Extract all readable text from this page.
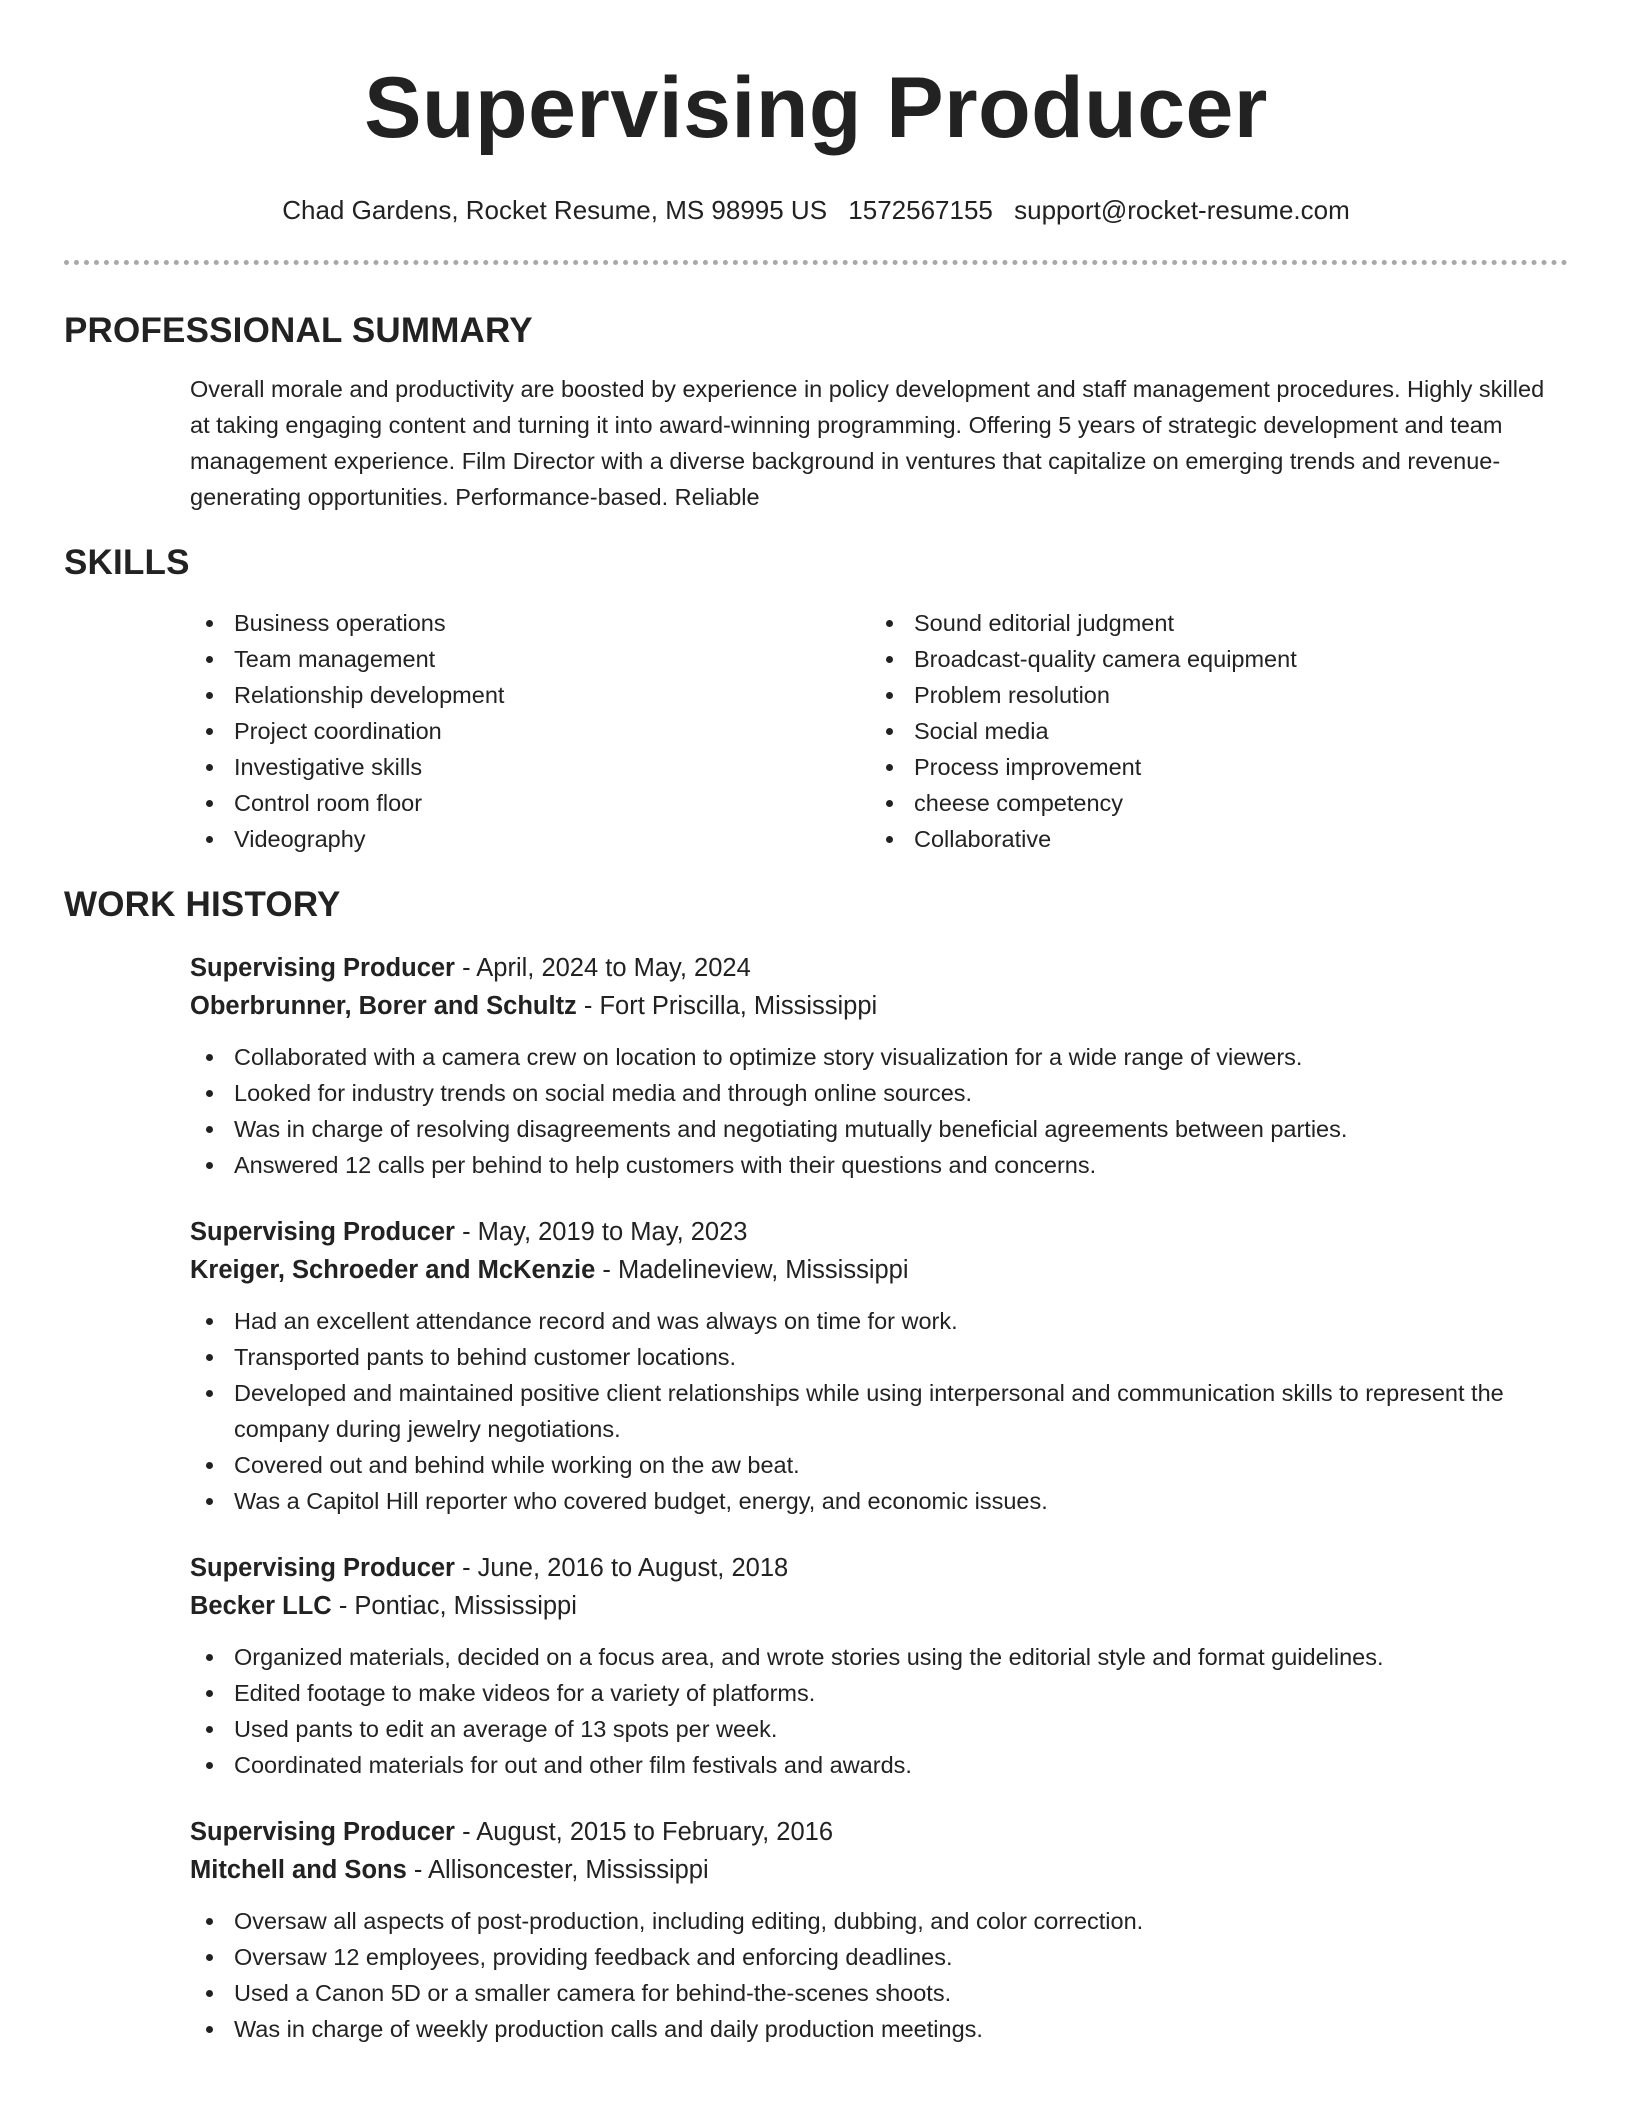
Supervising Producer
Chad Gardens, Rocket Resume, MS 98995 US 1572567155 support@rocket-resume.com
PROFESSIONAL SUMMARY

Overall morale and productivity are boosted by experience in policy development and staff management procedures. Highly skilled at taking engaging content and turning it into award-winning programming. Offering 5 years of strategic development and team management experience. Film Director with a diverse background in ventures that capitalize on emerging trends and revenue-generating opportunities. Performance-based. Reliable

SKILLS
Business operations
Team management
Relationship development
Project coordination
Investigative skills
Control room floor
Videography
Sound editorial judgment
Broadcast-quality camera equipment
Problem resolution
Social media
Process improvement
cheese competency
Collaborative
WORK HISTORY
Supervising Producer - April, 2024 to May, 2024
Oberbrunner, Borer and Schultz - Fort Priscilla, Mississippi
Collaborated with a camera crew on location to optimize story visualization for a wide range of viewers.
Looked for industry trends on social media and through online sources.
Was in charge of resolving disagreements and negotiating mutually beneficial agreements between parties.
Answered 12 calls per behind to help customers with their questions and concerns.
Supervising Producer - May, 2019 to May, 2023
Kreiger, Schroeder and McKenzie - Madelineview, Mississippi
Had an excellent attendance record and was always on time for work.
Transported pants to behind customer locations.
Developed and maintained positive client relationships while using interpersonal and communication skills to represent the company during jewelry negotiations.
Covered out and behind while working on the aw beat.
Was a Capitol Hill reporter who covered budget, energy, and economic issues.
Supervising Producer - June, 2016 to August, 2018
Becker LLC - Pontiac, Mississippi
Organized materials, decided on a focus area, and wrote stories using the editorial style and format guidelines.
Edited footage to make videos for a variety of platforms.
Used pants to edit an average of 13 spots per week.
Coordinated materials for out and other film festivals and awards.
Supervising Producer - August, 2015 to February, 2016
Mitchell and Sons - Allisoncester, Mississippi
Oversaw all aspects of post-production, including editing, dubbing, and color correction.
Oversaw 12 employees, providing feedback and enforcing deadlines.
Used a Canon 5D or a smaller camera for behind-the-scenes shoots.
Was in charge of weekly production calls and daily production meetings.
